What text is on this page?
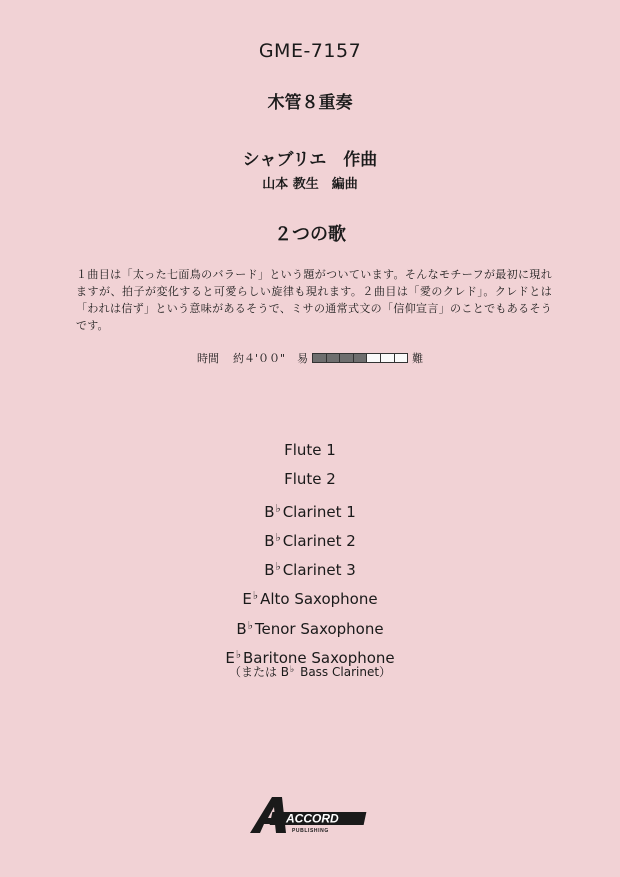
GME-7157
木管８重奏
シャブリエ　作曲
山本 教生　編曲
２つの歌
１曲目は「太った七面鳥のバラード」という題がついています。そんなモチーフが最初に現れますが、拍子が変化すると可愛らしい旋律も現れます。２曲目は「愛のクレド」。クレドとは「われは信ず」という意味があるそうで、ミサの通常式文の「信仰宣言」のことでもあるそうです。
時間 約４'００" 易	難
Flute 1
Flute 2
B♭ Clarinet 1
B♭ Clarinet 2
B♭ Clarinet 3
E♭ Alto Saxophone
B♭ Tenor Saxophone
E♭ Baritone Saxophone
（または B♭ Bass Clarinet）
ACCORD
PUBLISHING
